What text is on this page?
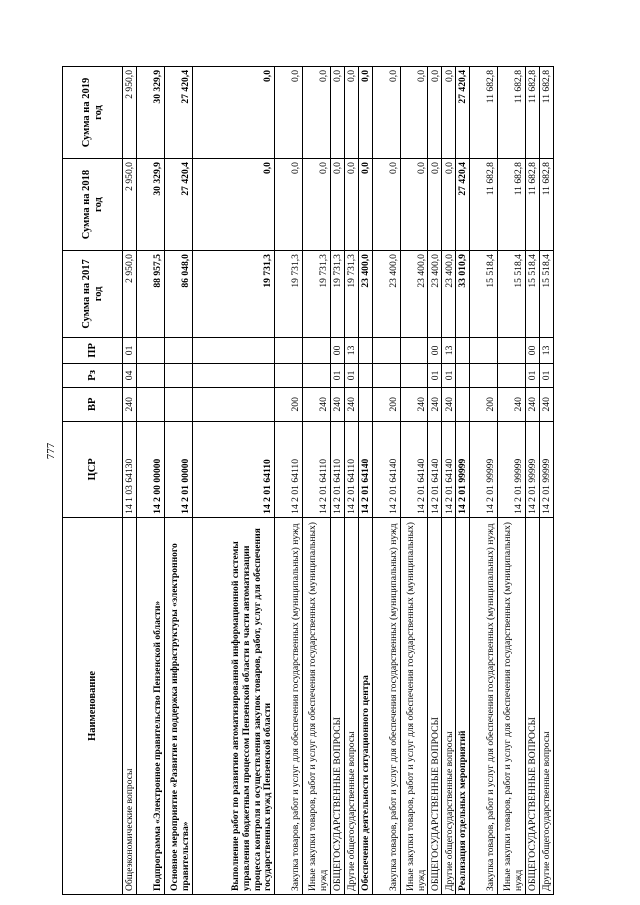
777
Наименование	ЦСР	ВР	Рз	ПР	Сумма на 2017 год	Сумма на 2018 год	Сумма на 2019 год
Общеэкономические вопросы	14 1 03 64130	240	04	01	2 950,0	2 950,0	2 950,0
Подпрограмма «Электронное правительство Пензенской области»	14 2 00 00000				88 957,5	30 329,9	30 329,9
Основное мероприятие «Развитие и поддержка инфраструктуры «электронного правительства»	14 2 01 00000				86 048,0	27 420,4	27 420,4
Выполнение работ по развитию автоматизированной информационной системы управления бюджетным процессом Пензенской области в части автоматизации процесса контроля и осуществления закупок товаров, работ, услуг для обеспечения государственных нужд Пензенской области	14 2 01 64110				19 731,3	0,0	0,0
Закупка товаров, работ и услуг для обеспечения государственных (муниципальных) нужд	14 2 01 64110	200			19 731,3	0,0	0,0
Иные закупки товаров, работ и услуг для обеспечения государственных (муниципальных) нужд	14 2 01 64110	240			19 731,3	0,0	0,0
ОБЩЕГОСУДАРСТВЕННЫЕ ВОПРОСЫ	14 2 01 64110	240	01	00	19 731,3	0,0	0,0
Другие общегосударственные вопросы	14 2 01 64110	240	01	13	19 731,3	0,0	0,0
Обеспечение деятельности ситуационного центра	14 2 01 64140				23 400,0	0,0	0,0
Закупка товаров, работ и услуг для обеспечения государственных (муниципальных) нужд	14 2 01 64140	200			23 400,0	0,0	0,0
Иные закупки товаров, работ и услуг для обеспечения государственных (муниципальных) нужд	14 2 01 64140	240			23 400,0	0,0	0,0
ОБЩЕГОСУДАРСТВЕННЫЕ ВОПРОСЫ	14 2 01 64140	240	01	00	23 400,0	0,0	0,0
Другие общегосударственные вопросы	14 2 01 64140	240	01	13	23 400,0	0,0	0,0
Реализация отдельных мероприятий	14 2 01 99999				33 010,9	27 420,4	27 420,4
Закупка товаров, работ и услуг для обеспечения государственных (муниципальных) нужд	14 2 01 99999	200			15 518,4	11 682,8	11 682,8
Иные закупки товаров, работ и услуг для обеспечения государственных (муниципальных) нужд	14 2 01 99999	240			15 518,4	11 682,8	11 682,8
ОБЩЕГОСУДАРСТВЕННЫЕ ВОПРОСЫ	14 2 01 99999	240	01	00	15 518,4	11 682,8	11 682,8
Другие общегосударственные вопросы	14 2 01 99999	240	01	13	15 518,4	11 682,8	11 682,8
